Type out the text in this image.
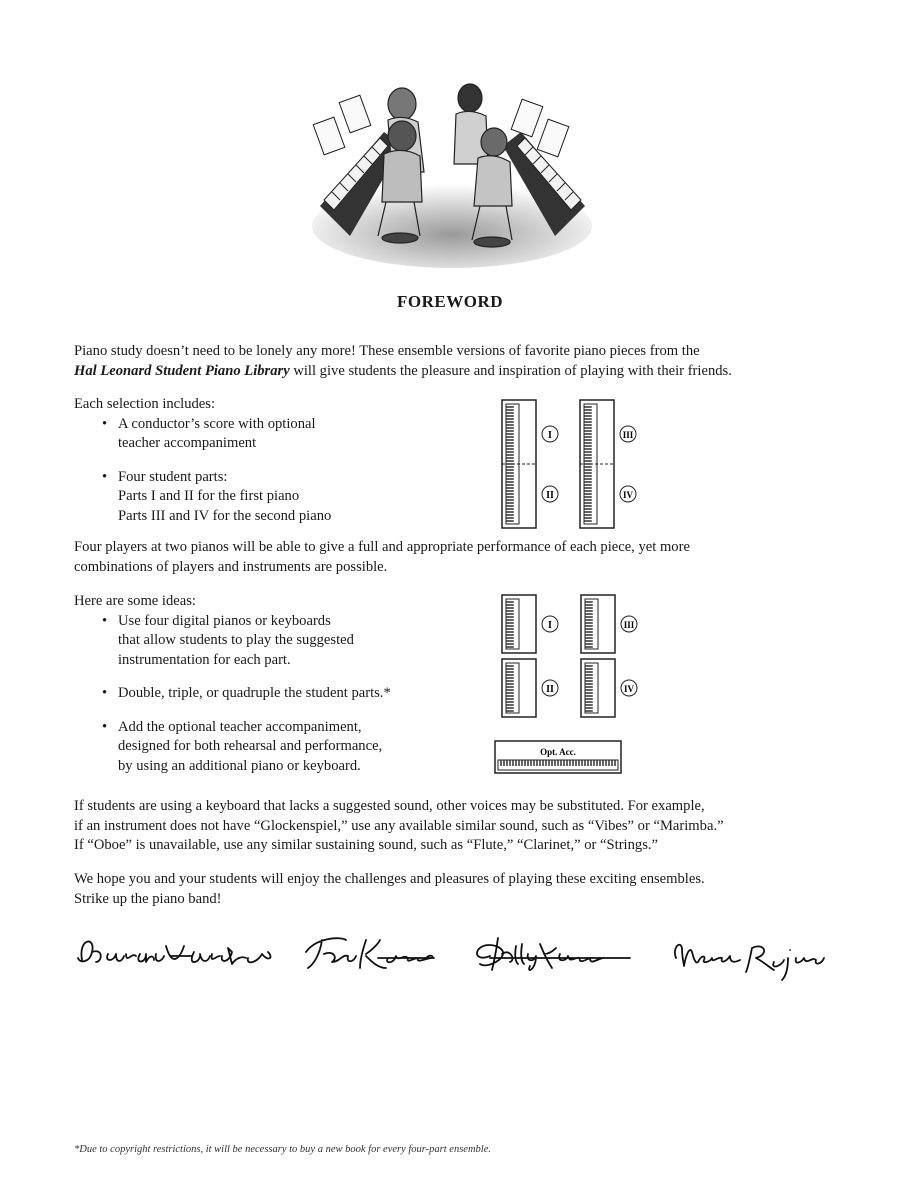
FOREWORD
Piano study doesn’t need to be lonely any more! These ensemble versions of favorite piano pieces from the
Hal Leonard Student Piano Library will give students the pleasure and inspiration of playing with their friends.
Each selection includes:
• A conductor’s score with optional
teacher accompaniment
• Four student parts:
Parts I and II for the first piano
Parts III and IV for the second piano
I
II
III
IV
Four players at two pianos will be able to give a full and appropriate performance of each piece, yet more
combinations of players and instruments are possible.
Here are some ideas:
• Use four digital pianos or keyboards
that allow students to play the suggested
instrumentation for each part.
• Double, triple, or quadruple the student parts.*
• Add the optional teacher accompaniment,
designed for both rehearsal and performance,
by using an additional piano or keyboard.
I
II
III
IV
Opt. Acc.
If students are using a keyboard that lacks a suggested sound, other voices may be substituted. For example,
if an instrument does not have “Glockenspiel,” use any available similar sound, such as “Vibes” or “Marimba.”
If “Oboe” is unavailable, use any similar sustaining sound, such as “Flute,” “Clarinet,” or “Strings.”
We hope you and your students will enjoy the challenges and pleasures of playing these exciting ensembles.
Strike up the piano band!
*Due to copyright restrictions, it will be necessary to buy a new book for every four-part ensemble.
